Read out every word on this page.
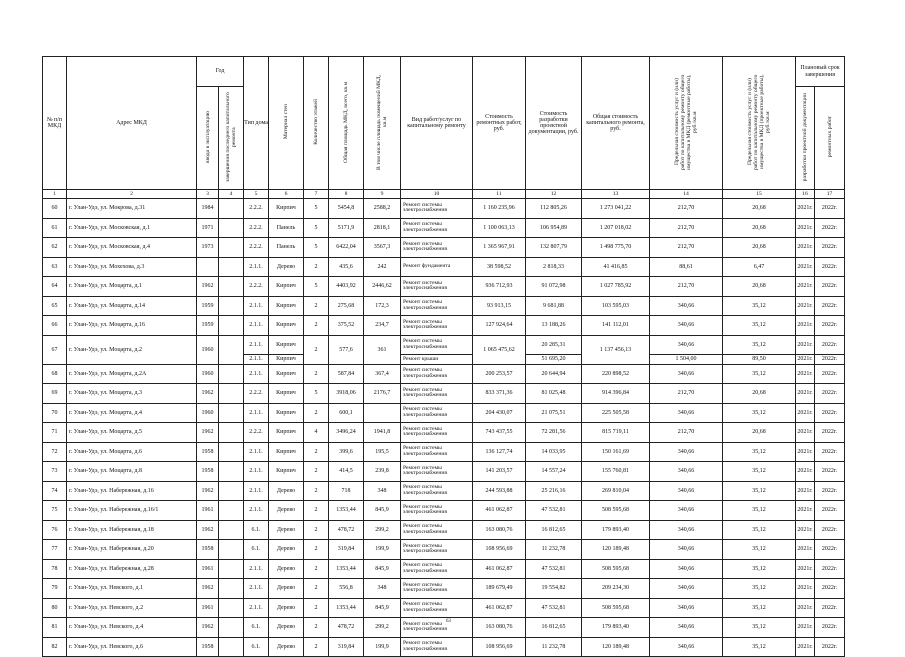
№ п/п МКД	Адрес МКД	Год		Тип дома	Материал стен	Количество этажей	Общая площадь МКД, всего, кв.м	В том числе площадь помещений МКД, кв.м	Вид работ/услуг по капитальному ремонту	Стоимость ремонтных работ, руб.	Стоимость разработки проектной документации, руб.	Общая стоимость капитального ремонта, руб.	Предельная стоимость услуг и (или) работ по капитальному ремонту общего имущества в МКД (ремонтные работы), руб./кв.м	Предельная стоимость услуг и (или) работ по капитальному ремонту общего имущества в МКД (проектные работы), руб./кв.м	Плановый срок завершения	
		ввода в эксплуатацию	завершения последнего капитального ремонта												разработки проектной документации	ремонтных работ
1	2	3	4	5	6	7	8	9	10	11	12	13	14	15	16	17
60	г. Улан-Удэ, ул. Мокрова, д.31	1984		2.2.2.	Кирпич	5	5454,8	2588,2	Ремонт системы электроснабжения	1 160 235,96	112 805,26	1 273 041,22	212,70	20,68	2021г.	2022г.
61	г. Улан-Удэ, ул. Московская, д.1	1971		2.2.2.	Панель	5	5171,9	2818,1	Ремонт системы электроснабжения	1 100 063,13	106 954,89	1 207 018,02	212,70	20,68	2021г.	2022г.
62	г. Улан-Удэ, ул. Московская, д.4	1973		2.2.2.	Панель	5	6422,04	3567,3	Ремонт системы электроснабжения	1 365 967,91	132 807,79	1 498 775,70	212,70	20,68	2021г.	2022г.
63	г. Улан-Удэ, ул. Мохехова, д.3			2.1.1.	Дерево	2	435,6	242	Ремонт фундамента	38 598,52	2 818,33	41 416,85	88,61	6,47	2021г.	2022г.
64	г. Улан-Удэ, ул. Моцарта, д.1	1962		2.2.2.	Кирпич	5	4403,92	2446,62	Ремонт системы электроснабжения	936 712,93	91 072,98	1 027 785,92	212,70	20,68	2021г.	2022г.
65	г. Улан-Удэ, ул. Моцарта, д.14	1959		2.1.1.	Кирпич	2	275,68	172,3	Ремонт системы электроснабжения	93 913,15	9 681,88	103 595,03	340,66	35,12	2021г.	2022г.
66	г. Улан-Удэ, ул. Моцарта, д.16	1959		2.1.1.	Кирпич	2	375,52	234,7	Ремонт системы электроснабжения	127 924,64	13 188,26	141 112,01	340,66	35,12	2021г.	2022г.
67	г. Улан-Удэ, ул. Моцарта, д.2	1960		2.1.1.	Кирпич	2	577,6	361	Ремонт системы электроснабжения	1 065 475,62	20 285,31	1 137 456,13	340,66	35,12	2021г.	2022г.
				2.1.1.	Кирпич				Ремонт крыши		51 695,20		1 504,00	89,50	2021г.	2022г.
68	г. Улан-Удэ, ул. Моцарта, д.2А	1960		2.1.1.	Кирпич	2	587,84	367,4	Ремонт системы электроснабжения	200 253,57	20 644,94	220 898,52	340,66	35,12	2021г.	2022г.
69	г. Улан-Удэ, ул. Моцарта, д.3	1962		2.2.2.	Кирпич	5	3918,06	2176,7	Ремонт системы электроснабжения	833 371,36	81 025,48	914 396,84	212,70	20,68	2021г.	2022г.
70	г. Улан-Удэ, ул. Моцарта, д.4	1960		2.1.1.	Кирпич	2	600,1		Ремонт системы электроснабжения	204 430,07	21 075,51	225 505,58	340,66	35,12	2021г.	2022г.
71	г. Улан-Удэ, ул. Моцарта, д.5	1962		2.2.2.	Кирпич	4	3496,24	1941,8	Ремонт системы электроснабжения	743 437,55	72 281,56	815 719,11	212,70	20,68	2021г.	2022г.
72	г. Улан-Удэ, ул. Моцарта, д.6	1958		2.1.1.	Кирпич	2	399,6	195,5	Ремонт системы электроснабжения	136 127,74	14 033,95	150 161,69	340,66	35,12	2021г.	2022г.
73	г. Улан-Удэ, ул. Моцарта, д.8	1958		2.1.1.	Кирпич	2	414,5	239,8	Ремонт системы электроснабжения	141 203,57	14 557,24	155 760,81	340,66	35,12	2021г.	2022г.
74	г. Улан-Удэ, ул. Набережная, д.16	1962		2.1.1.	Дерево	2	718	348	Ремонт системы электроснабжения	244 593,88	25 216,16	269 810,04	340,66	35,12	2021г.	2022г.
75	г. Улан-Удэ, ул. Набережная, д.16/1	1961		2.1.1.	Дерево	2	1353,44	845,9	Ремонт системы электроснабжения	461 062,87	47 532,81	508 595,68	340,66	35,12	2021г.	2022г.
76	г. Улан-Удэ, ул. Набережная, д.18	1962		6.1.	Дерево	2	478,72	299,2	Ремонт системы электроснабжения	163 080,76	16 812,65	179 893,40	340,66	35,12	2021г.	2022г.
77	г. Улан-Удэ, ул. Набережная, д.20	1958		6.1.	Дерево	2	319,84	199,9	Ремонт системы электроснабжения	108 956,69	11 232,78	120 189,48	340,66	35,12	2021г.	2022г.
78	г. Улан-Удэ, ул. Набережная, д.28	1961		2.1.1.	Дерево	2	1353,44	845,9	Ремонт системы электроснабжения	461 062,87	47 532,81	508 595,68	340,66	35,12	2021г.	2022г.
79	г. Улан-Удэ, ул. Невского, д.1	1962		2.1.1.	Дерево	2	556,8	348	Ремонт системы электроснабжения	189 679,49	19 554,82	209 234,30	340,66	35,12	2021г.	2022г.
80	г. Улан-Удэ, ул. Невского, д.2	1961		2.1.1.	Дерево	2	1353,44	845,9	Ремонт системы электроснабжения	461 062,87	47 532,81	508 595,68	340,66	35,12	2021г.	2022г.
81	г. Улан-Удэ, ул. Невского, д.4	1962		6.1.	Дерево	2	478,72	299,2	Ремонт системы электроснабжения	163 080,76	16 812,65	179 893,40	340,66	35,12	2021г.	2022г.
82	г. Улан-Удэ, ул. Невского, д.6	1958		6.1.	Дерево	2	319,84	199,9	Ремонт системы электроснабжения	108 956,69	11 232,78	120 189,48	340,66	35,12	2021г.	2022г.
63
